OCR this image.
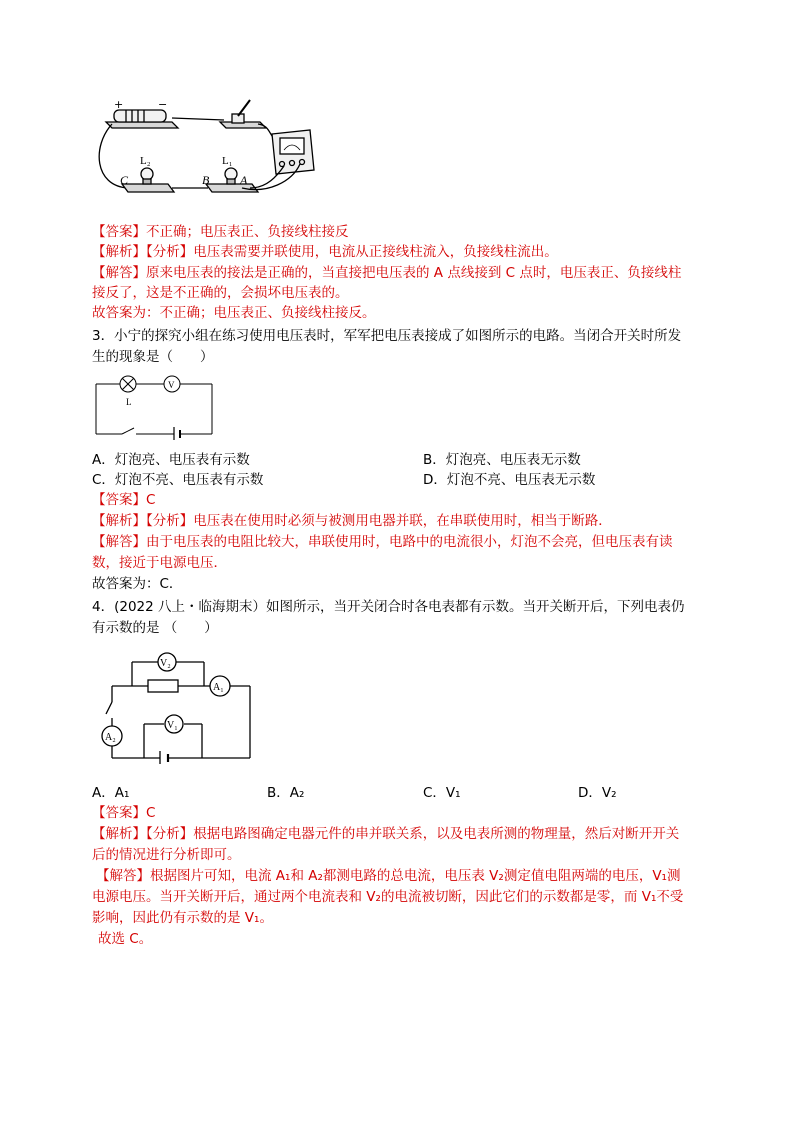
+	−
L₂	L₁
C	B	A
【答案】不正确；电压表正、负接线柱接反
【解析】【分析】电压表需要并联使用，电流从正接线柱流入，负接线柱流出。
【解答】原来电压表的接法是正确的，当直接把电压表的 A 点线接到 C 点时，电压表正、负接线柱
接反了，这是不正确的，会损坏电压表的。
故答案为：不正确；电压表正、负接线柱接反。
3．小宁的探究小组在练习使用电压表时，军军把电压表接成了如图所示的电路。当闭合开关时所发
生的现象是（　　）
V
L
A．灯泡亮、电压表有示数	B．灯泡亮、电压表无示数
C．灯泡不亮、电压表有示数	D．灯泡不亮、电压表无示数
【答案】C
【解析】【分析】电压表在使用时必须与被测用电器并联，在串联使用时，相当于断路．
【解答】由于电压表的电阻比较大，串联使用时，电路中的电流很小，灯泡不会亮，但电压表有读
数，接近于电源电压．
故答案为：C．
4．(2022 八上・临海期末）如图所示，当开关闭合时各电表都有示数。当开关断开后，下列电表仍
有示数的是 （　　）
V₂
A₁
V₁
A₂
A．A₁	B．A₂	C．V₁	D．V₂
【答案】C
【解析】【分析】根据电路图确定电器元件的串并联关系，以及电表所测的物理量，然后对断开开关
后的情况进行分析即可。
【解答】根据图片可知，电流 A₁和 A₂都测电路的总电流，电压表 V₂测定值电阻两端的电压，V₁测
电源电压。当开关断开后，通过两个电流表和 V₂的电流被切断，因此它们的示数都是零，而 V₁不受
影响，因此仍有示数的是 V₁。
故选 C。
